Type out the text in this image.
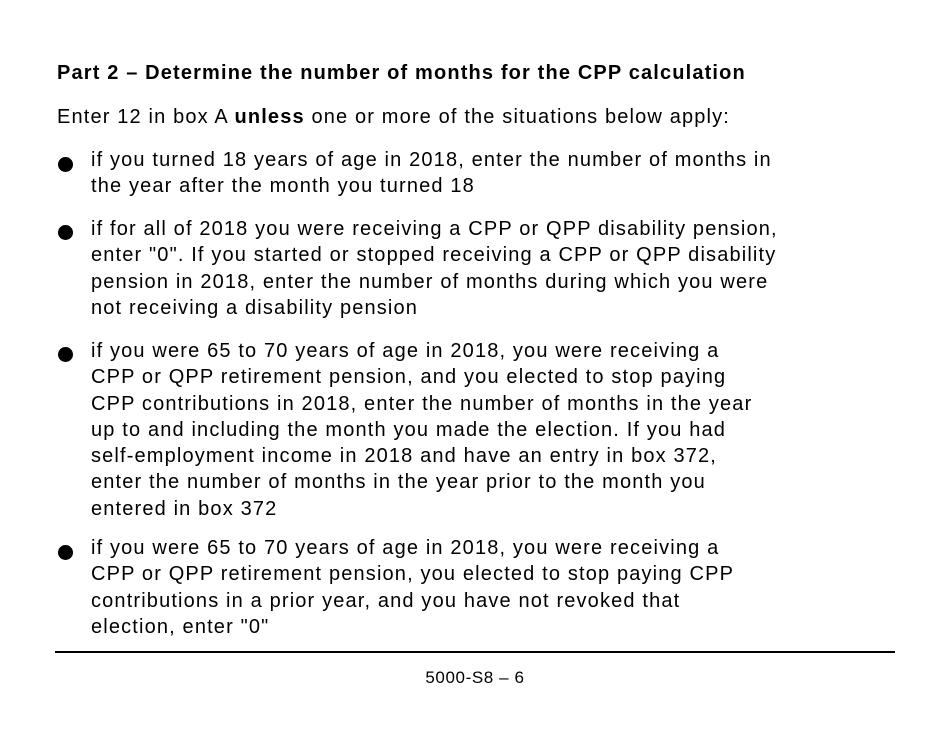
Part 2 – Determine the number of months for the CPP calculation
Enter 12 in box A unless one or more of the situations below apply:
if you turned 18 years of age in 2018, enter the number of months in
the year after the month you turned 18
if for all of 2018 you were receiving a CPP or QPP disability pension,
enter "0". If you started or stopped receiving a CPP or QPP disability
pension in 2018, enter the number of months during which you were
not receiving a disability pension
if you were 65 to 70 years of age in 2018, you were receiving a
CPP or QPP retirement pension, and you elected to stop paying
CPP contributions in 2018, enter the number of months in the year
up to and including the month you made the election. If you had
self-employment income in 2018 and have an entry in box 372,
enter the number of months in the year prior to the month you
entered in box 372
if you were 65 to 70 years of age in 2018, you were receiving a
CPP or QPP retirement pension, you elected to stop paying CPP
contributions in a prior year, and you have not revoked that
election, enter "0"
5000-S8 – 6
